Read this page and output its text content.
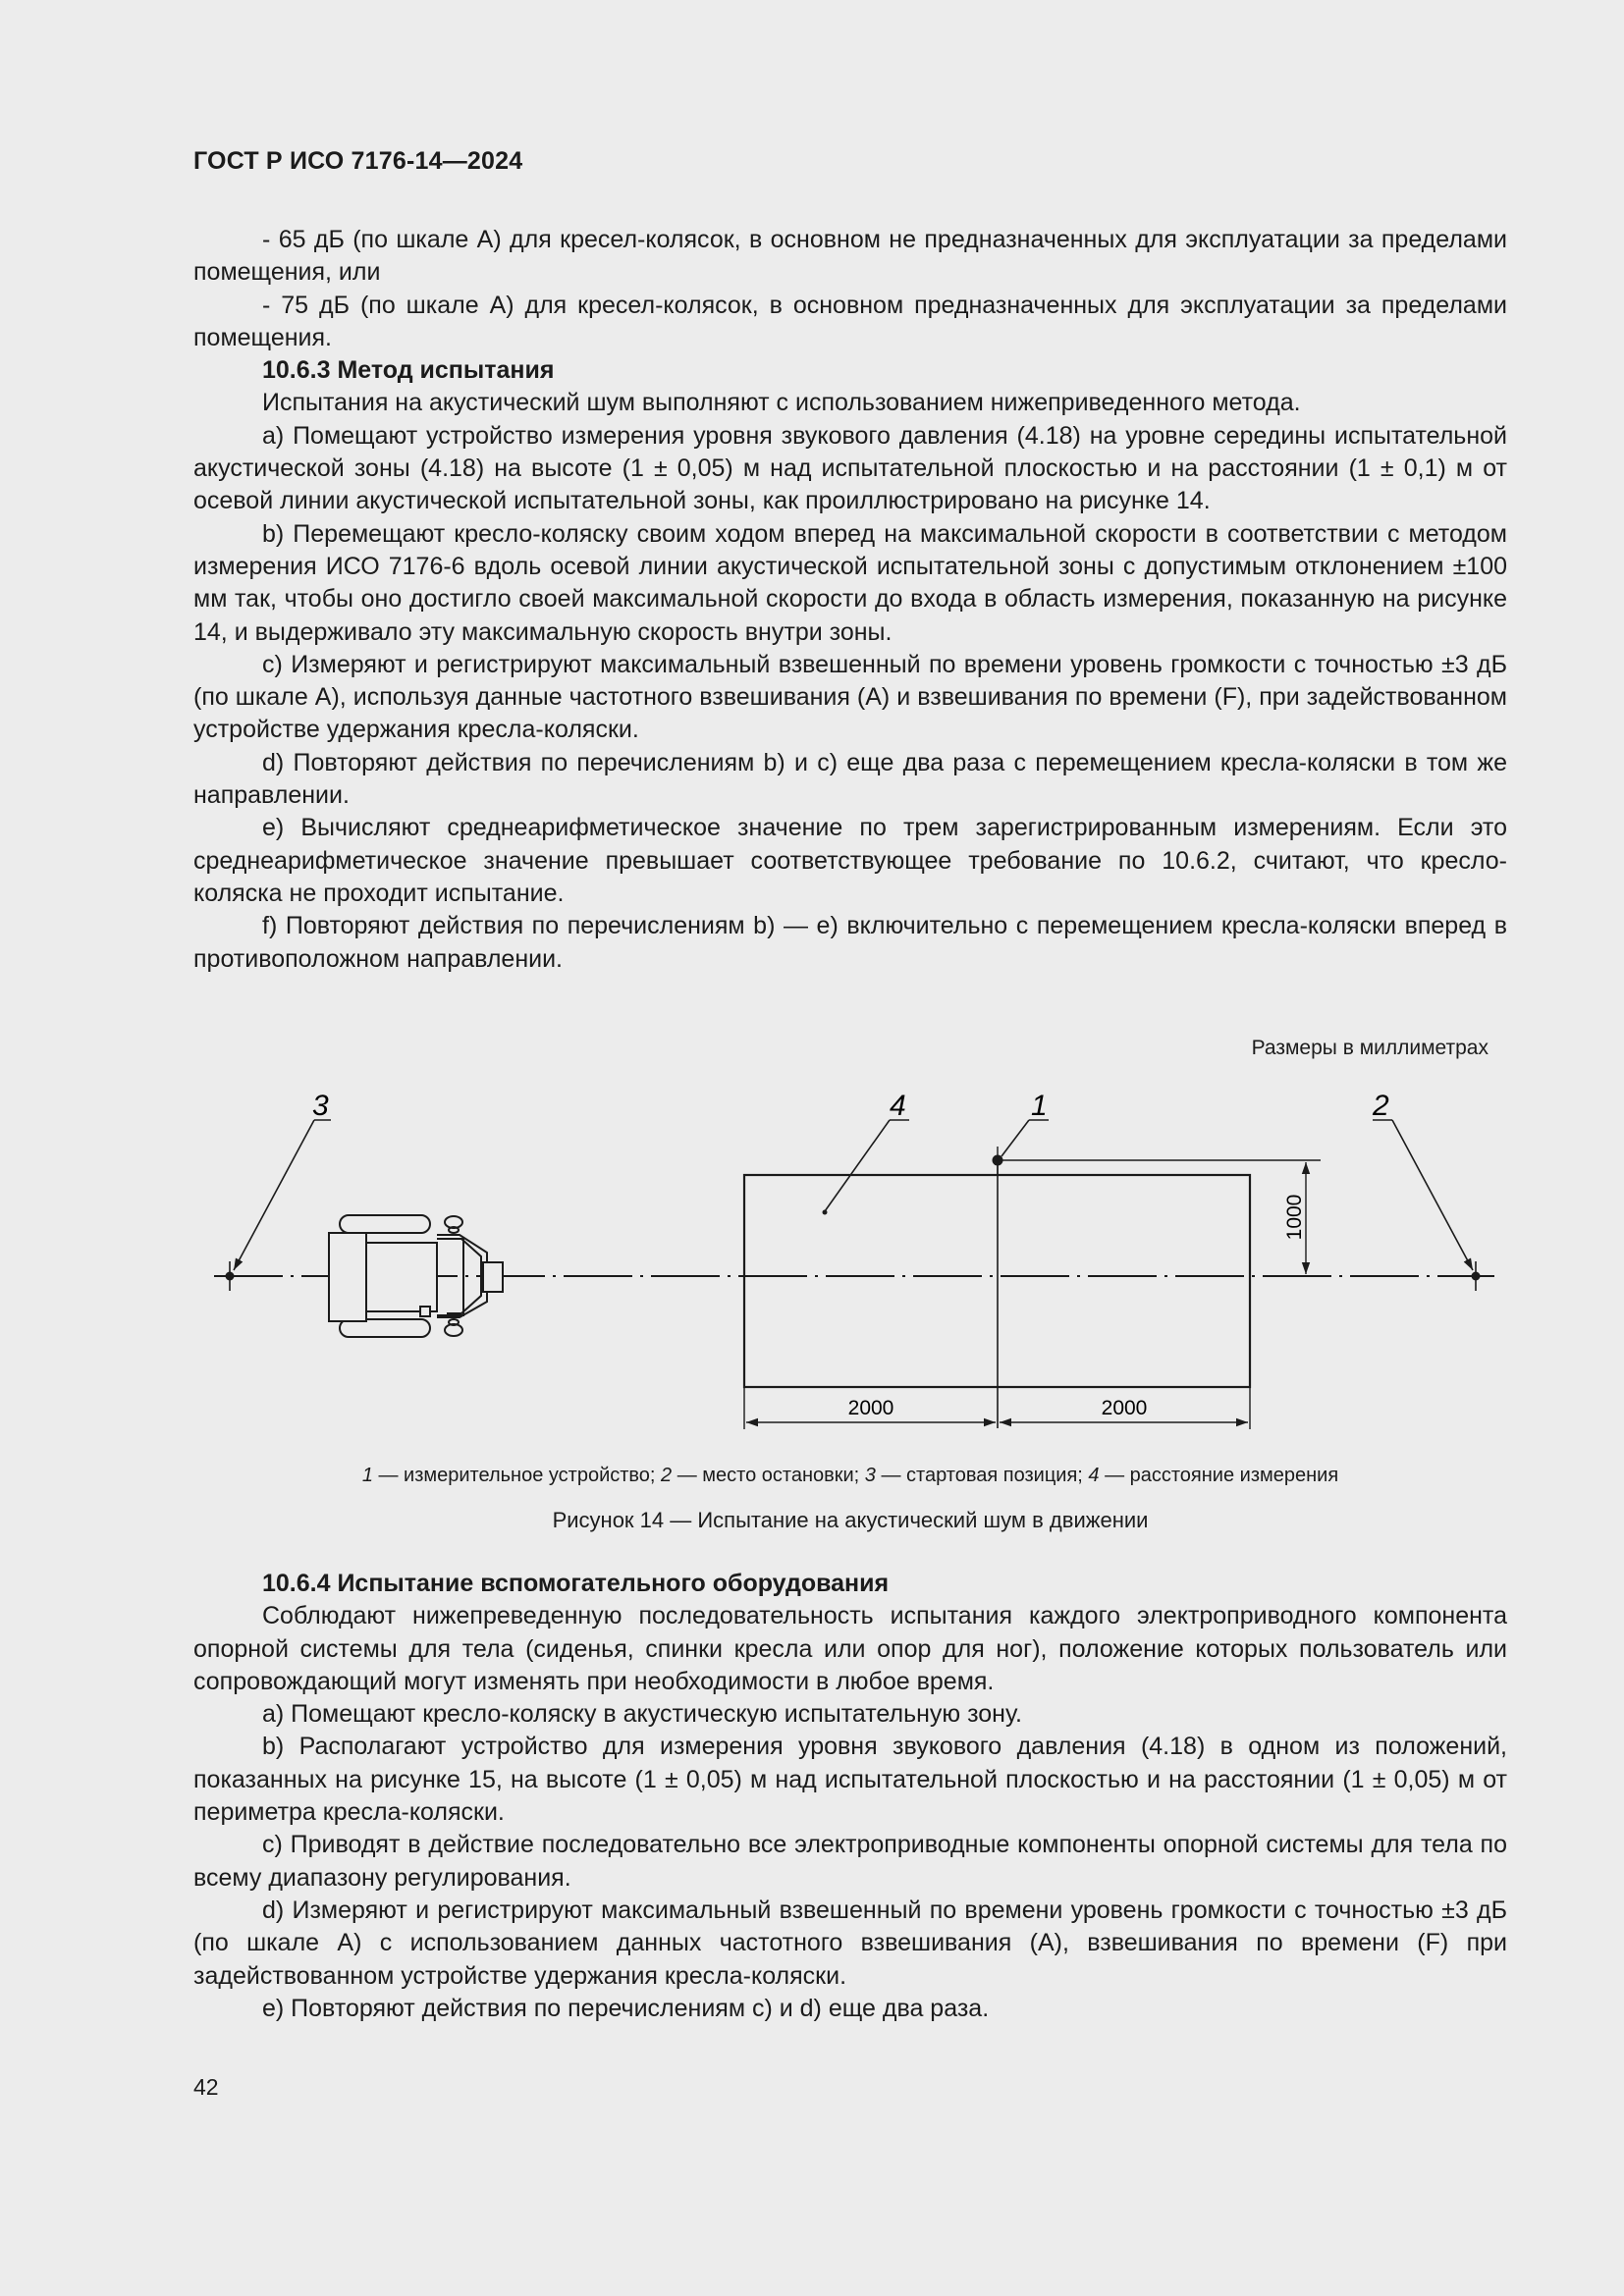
ГОСТ Р ИСО 7176-14—2024

- 65 дБ (по шкале А) для кресел-колясок, в основном не предназначенных для эксплуатации за пределами помещения, или

- 75 дБ (по шкале А) для кресел-колясок, в основном предназначенных для эксплуатации за пределами помещения.

10.6.3 Метод испытания

Испытания на акустический шум выполняют с использованием нижеприведенного метода.

a) Помещают устройство измерения уровня звукового давления (4.18) на уровне середины испытательной акустической зоны (4.18) на высоте (1 ± 0,05) м над испытательной плоскостью и на расстоянии (1 ± 0,1) м от осевой линии акустической испытательной зоны, как проиллюстрировано на рисунке 14.

b) Перемещают кресло-коляску своим ходом вперед на максимальной скорости в соответствии с методом измерения ИСО 7176-6 вдоль осевой линии акустической испытательной зоны с допустимым отклонением ±100 мм так, чтобы оно достигло своей максимальной скорости до входа в область измерения, показанную на рисунке 14, и выдерживало эту максимальную скорость внутри зоны.

c) Измеряют и регистрируют максимальный взвешенный по времени уровень громкости с точностью ±3 дБ (по шкале А), используя данные частотного взвешивания (А) и взвешивания по времени (F), при задействованном устройстве удержания кресла-коляски.

d) Повторяют действия по перечислениям b) и c) еще два раза с перемещением кресла-коляски в том же направлении.

e) Вычисляют среднеарифметическое значение по трем зарегистрированным измерениям. Если это среднеарифметическое значение превышает соответствующее требование по 10.6.2, считают, что кресло-коляска не проходит испытание.

f) Повторяют действия по перечислениям b) — e) включительно с перемещением кресла-коляски вперед в противоположном направлении.

Размеры в миллиметрах
1000
2000	2000
3	2
4	1
1 — измерительное устройство; 2 — место остановки; 3 — стартовая позиция; 4 — расстояние измерения
Рисунок 14 — Испытание на акустический шум в движении

10.6.4 Испытание вспомогательного оборудования

Соблюдают нижепреведенную последовательность испытания каждого электроприводного компонента опорной системы для тела (сиденья, спинки кресла или опор для ног), положение которых пользователь или сопровождающий могут изменять при необходимости в любое время.

a) Помещают кресло-коляску в акустическую испытательную зону.

b) Располагают устройство для измерения уровня звукового давления (4.18) в одном из положений, показанных на рисунке 15, на высоте (1 ± 0,05) м над испытательной плоскостью и на расстоянии (1 ± 0,05) м от периметра кресла-коляски.

c) Приводят в действие последовательно все электроприводные компоненты опорной системы для тела по всему диапазону регулирования.

d) Измеряют и регистрируют максимальный взвешенный по времени уровень громкости с точностью ±3 дБ (по шкале А) с использованием данных частотного взвешивания (А), взвешивания по времени (F) при задействованном устройстве удержания кресла-коляски.

e) Повторяют действия по перечислениям c) и d) еще два раза.

42
